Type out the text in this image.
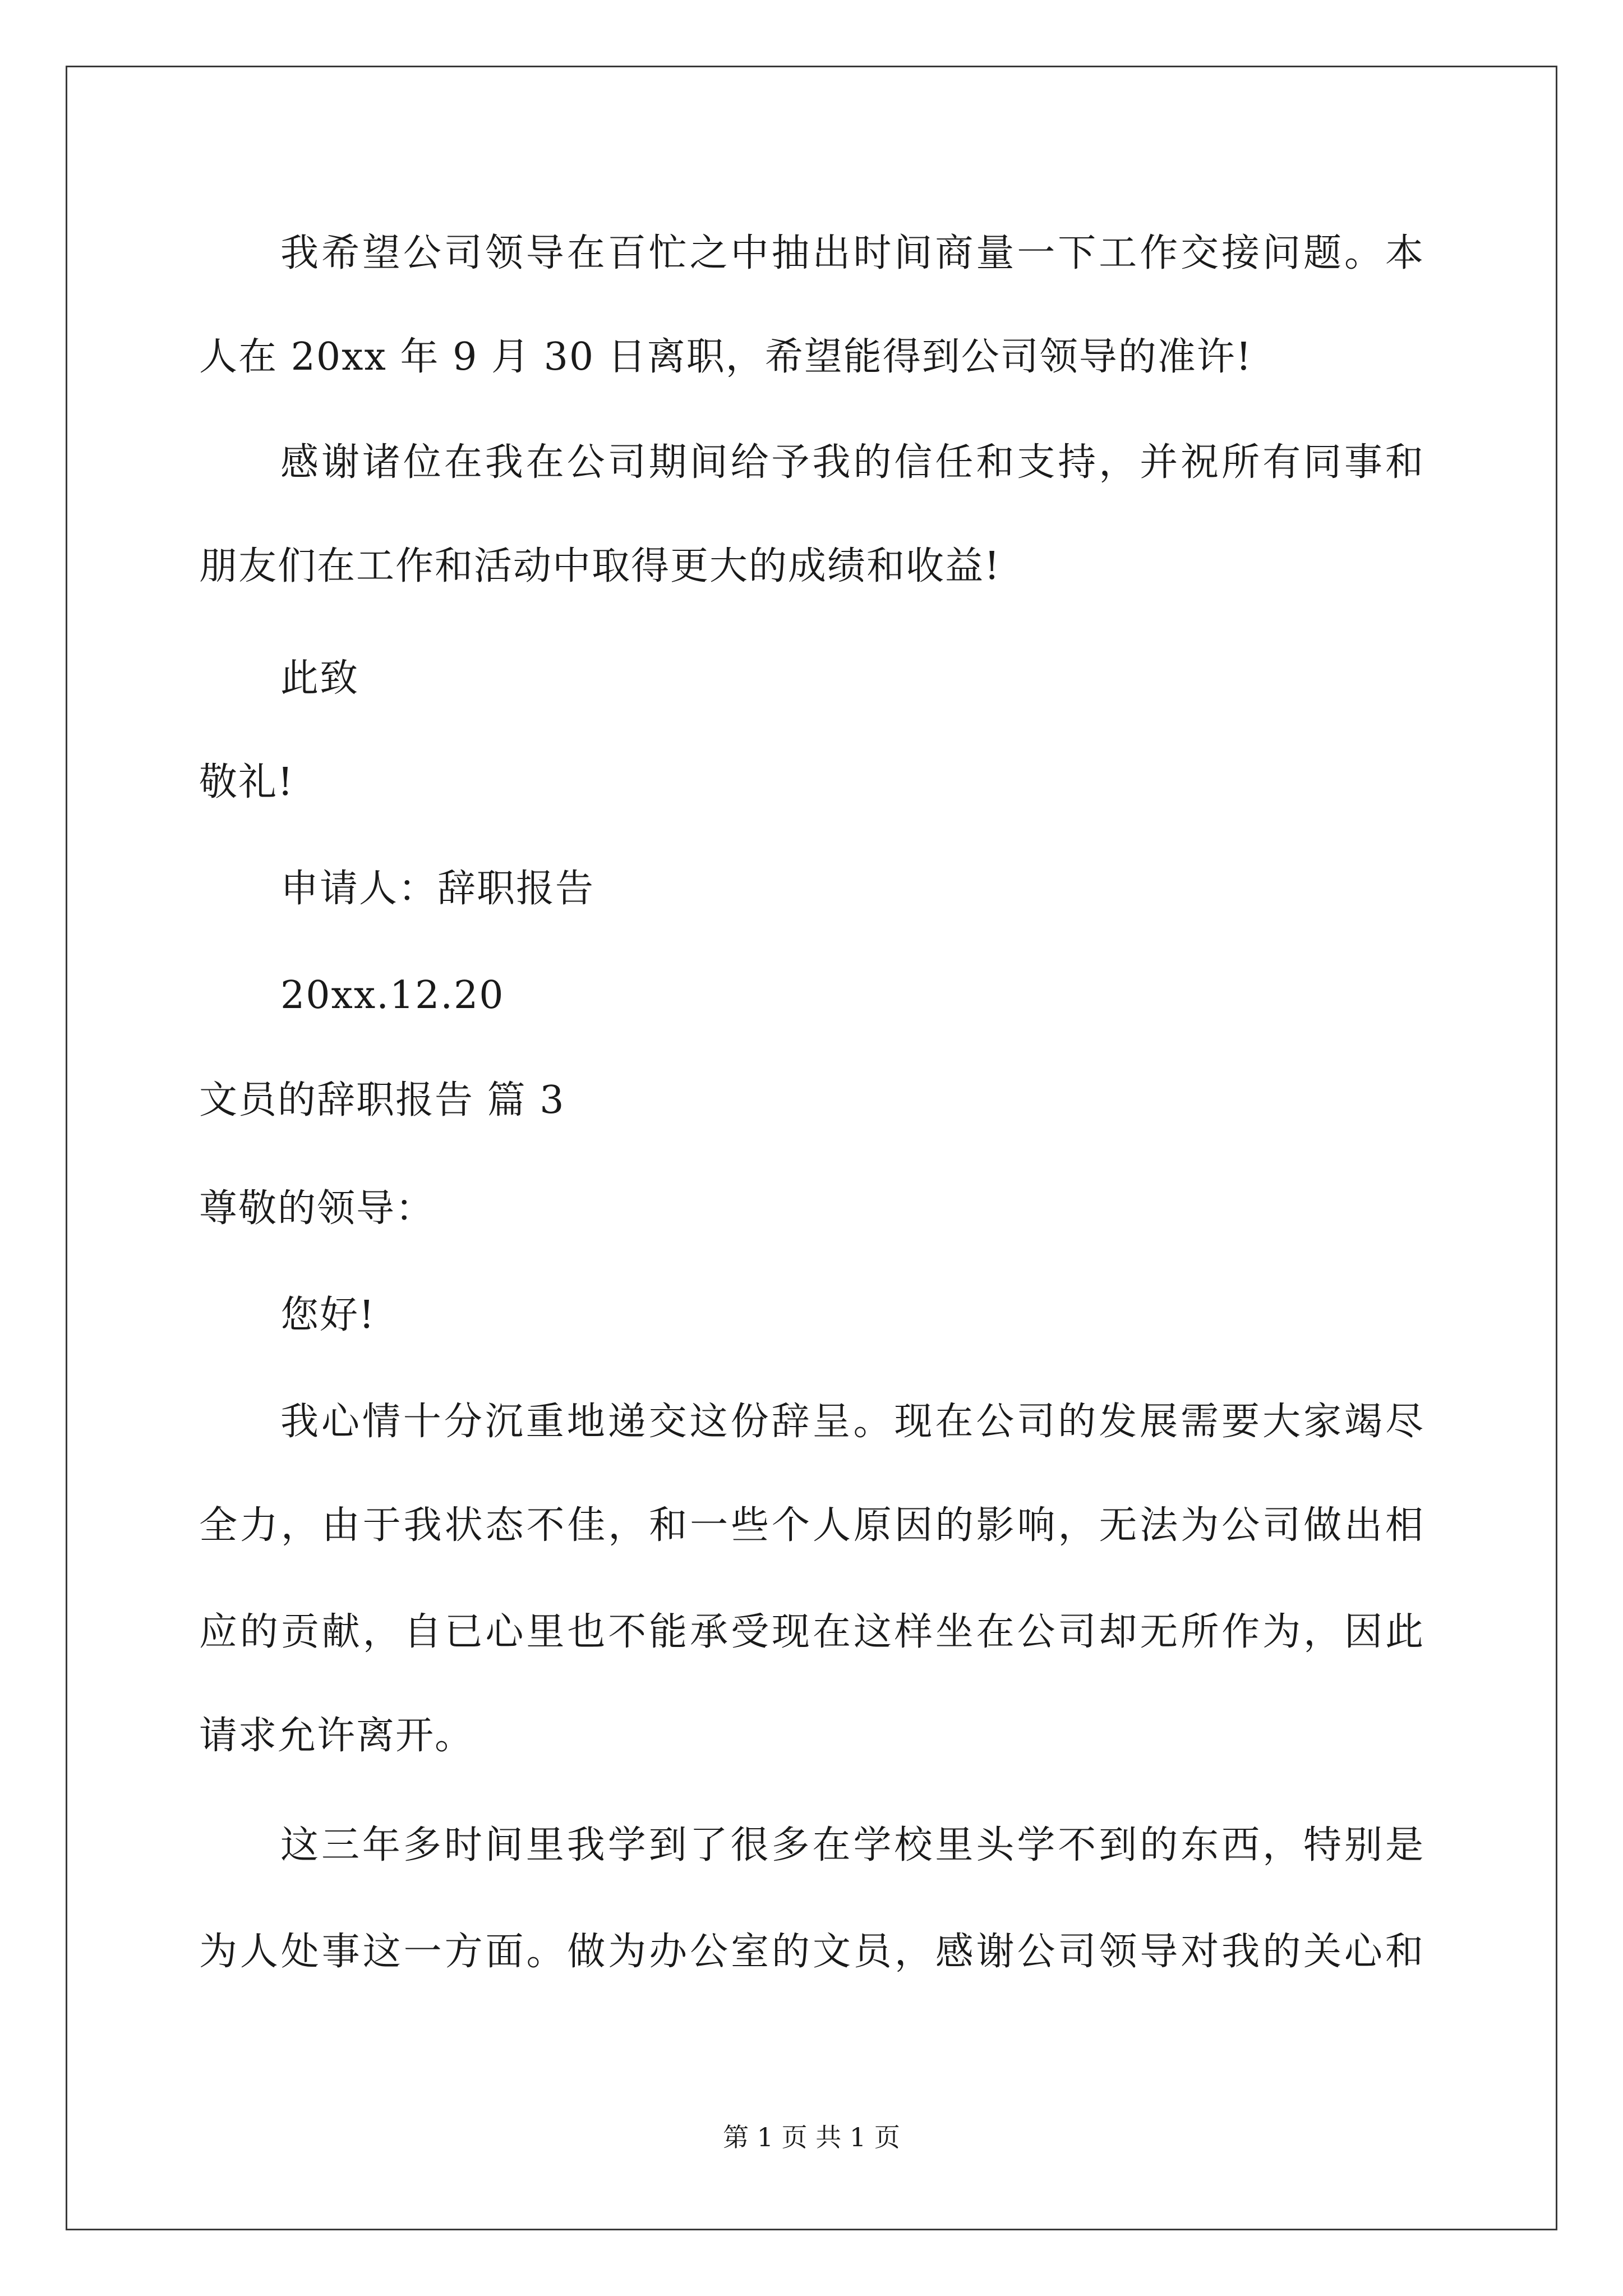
我希望公司领导在百忙之中抽出时间商量一下工作交接问题。本
人在 20xx 年 9 月 30 日离职，希望能得到公司领导的准许!
感谢诸位在我在公司期间给予我的信任和支持，并祝所有同事和
朋友们在工作和活动中取得更大的成绩和收益!
此致
敬礼!
申请人：辞职报告
20xx.12.20
文员的辞职报告 篇 3
尊敬的领导：
您好!
我心情十分沉重地递交这份辞呈。现在公司的发展需要大家竭尽
全力，由于我状态不佳，和一些个人原因的影响，无法为公司做出相
应的贡献，自已心里也不能承受现在这样坐在公司却无所作为，因此
请求允许离开。
这三年多时间里我学到了很多在学校里头学不到的东西，特别是
为人处事这一方面。做为办公室的文员，感谢公司领导对我的关心和
第 1 页 共 1 页
